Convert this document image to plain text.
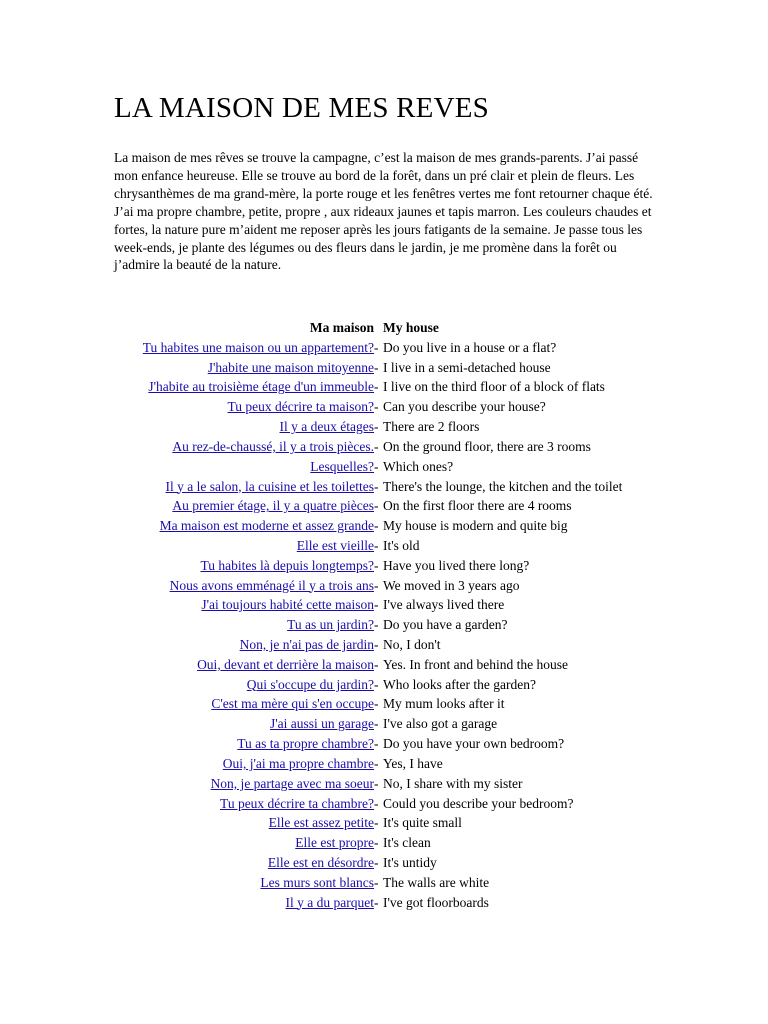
LA MAISON DE MES REVES

La maison de mes rêves se trouve la campagne, c’est la maison de mes grands-parents. J’ai passé mon enfance heureuse. Elle se trouve au bord de la forêt, dans un pré clair et plein de fleurs. Les chrysanthèmes de ma grand-mère, la porte rouge et les fenêtres vertes me font retourner chaque été. J’ai ma propre chambre, petite, propre , aux rideaux jaunes et tapis marron. Les couleurs chaudes et fortes, la nature pure m’aident me reposer après les jours fatigants de la semaine. Je passe tous les week-ends, je plante des légumes ou des fleurs dans le jardin, je me promène dans la forêt ou j’admire la beauté de la nature.

Ma maison My house
Tu habites une maison ou un appartement? - Do you live in a house or a flat?
J'habite une maison mitoyenne - I live in a semi-detached house
J'habite au troisième étage d'un immeuble - I live on the third floor of a block of flats
Tu peux décrire ta maison? - Can you describe your house?
Il y a deux étages - There are 2 floors
Au rez-de-chaussé, il y a trois pièces. - On the ground floor, there are 3 rooms
Lesquelles? - Which ones?
Il y a le salon, la cuisine et les toilettes - There's the lounge, the kitchen and the toilet
Au premier étage, il y a quatre pièces - On the first floor there are 4 rooms
Ma maison est moderne et assez grande - My house is modern and quite big
Elle est vieille - It's old
Tu habites là depuis longtemps? - Have you lived there long?
Nous avons emménagé il y a trois ans - We moved in 3 years ago
J'ai toujours habité cette maison - I've always lived there
Tu as un jardin? - Do you have a garden?
Non, je n'ai pas de jardin - No, I don't
Oui, devant et derrière la maison - Yes. In front and behind the house
Qui s'occupe du jardin? - Who looks after the garden?
C'est ma mère qui s'en occupe - My mum looks after it
J'ai aussi un garage - I've also got a garage
Tu as ta propre chambre? - Do you have your own bedroom?
Oui, j'ai ma propre chambre - Yes, I have
Non, je partage avec ma soeur - No, I share with my sister
Tu peux décrire ta chambre? - Could you describe your bedroom?
Elle est assez petite - It's quite small
Elle est propre - It's clean
Elle est en désordre - It's untidy
Les murs sont blancs - The walls are white
Il y a du parquet - I've got floorboards
